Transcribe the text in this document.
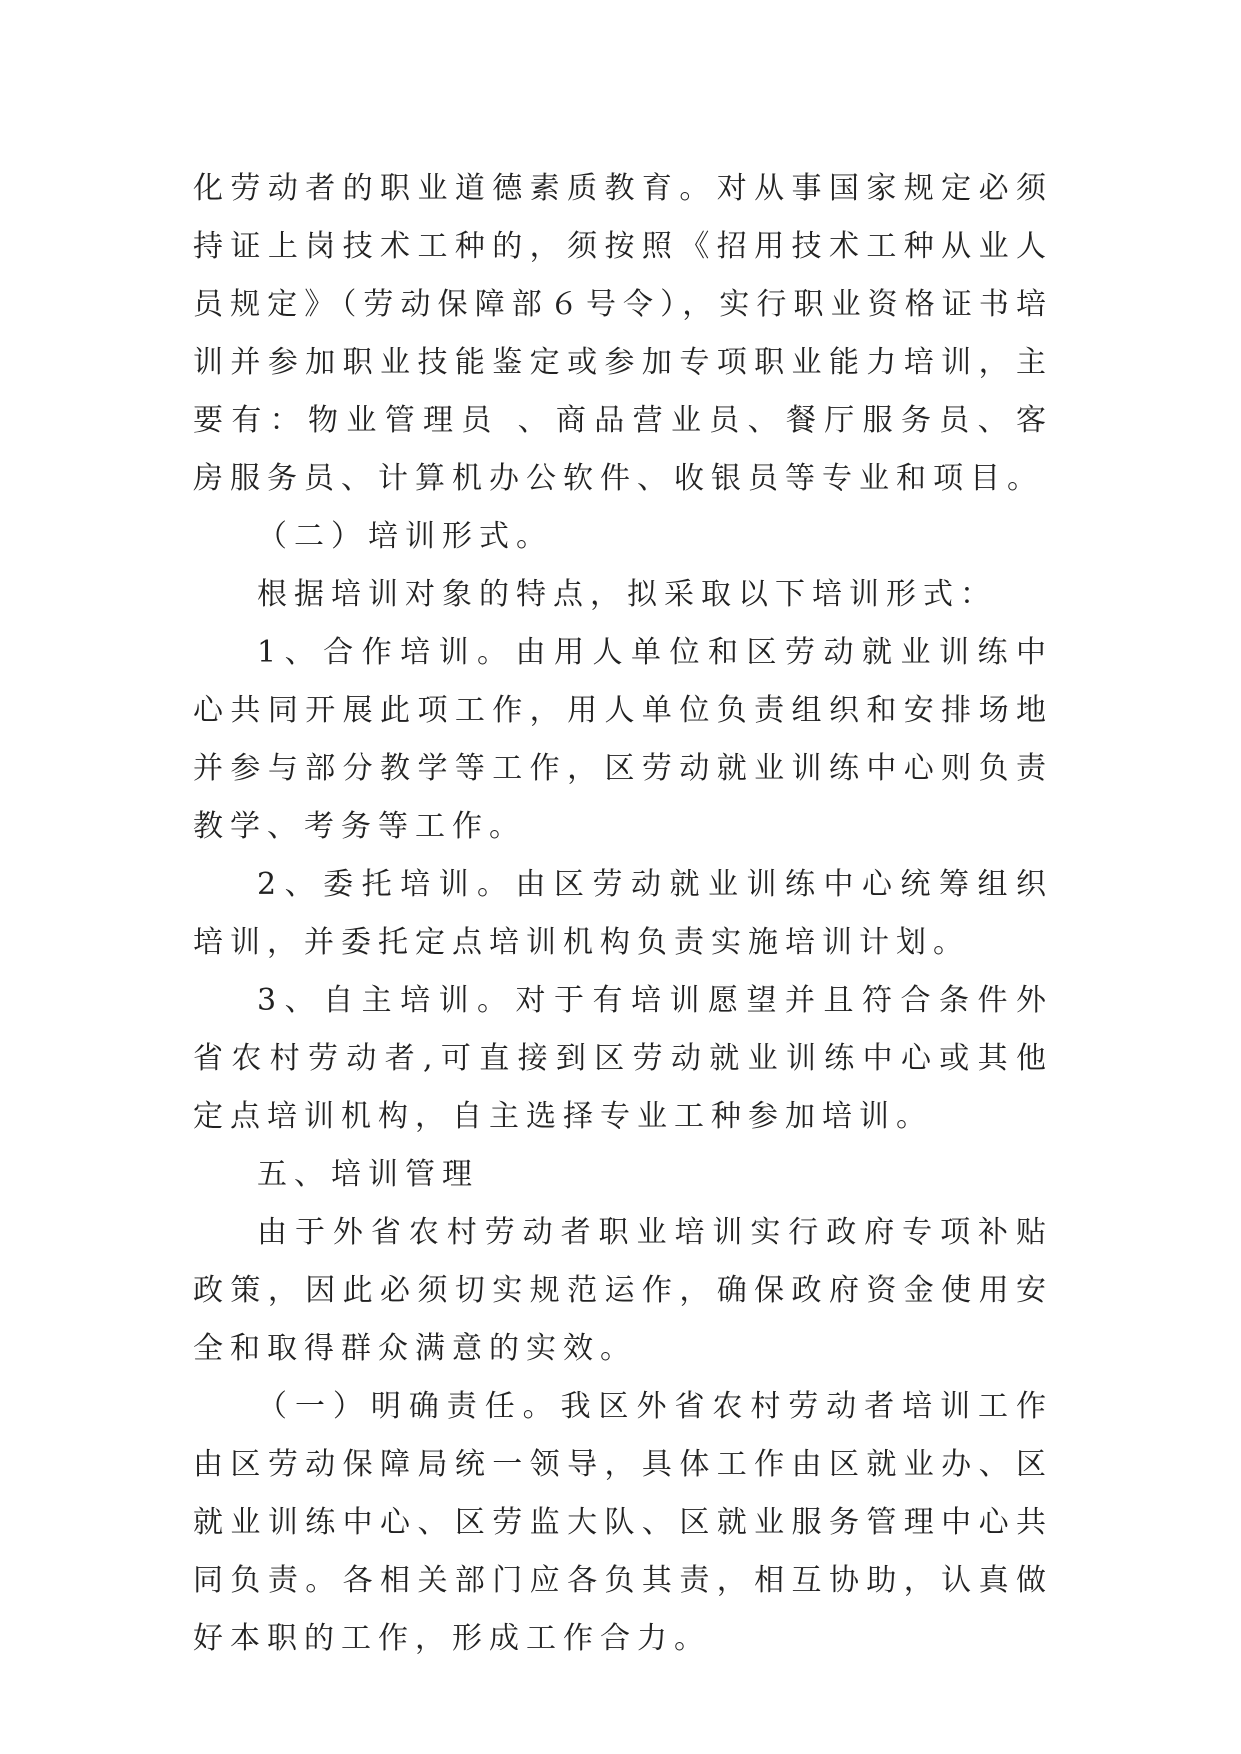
化劳动者的职业道德素质教育。对从事国家规定必须持证上岗技术工种的，须按照《招用技术工种从业人员规定》（劳动保障部６号令），实行职业资格证书培训并参加职业技能鉴定或参加专项职业能力培训，主要有：物业管理员 、商品营业员、餐厅服务员、客房服务员、计算机办公软件、收银员等专业和项目。

（二）培训形式。

根据培训对象的特点，拟采取以下培训形式：

1、合作培训。由用人单位和区劳动就业训练中心共同开展此项工作，用人单位负责组织和安排场地并参与部分教学等工作，区劳动就业训练中心则负责教学、考务等工作。

2、委托培训。由区劳动就业训练中心统筹组织培训，并委托定点培训机构负责实施培训计划。

3、自主培训。对于有培训愿望并且符合条件外省农村劳动者,可直接到区劳动就业训练中心或其他定点培训机构，自主选择专业工种参加培训。

五、培训管理

由于外省农村劳动者职业培训实行政府专项补贴政策，因此必须切实规范运作，确保政府资金使用安全和取得群众满意的实效。

（一）明确责任。我区外省农村劳动者培训工作由区劳动保障局统一领导，具体工作由区就业办、区就业训练中心、区劳监大队、区就业服务管理中心共同负责。各相关部门应各负其责，相互协助，认真做好本职的工作，形成工作合力。
